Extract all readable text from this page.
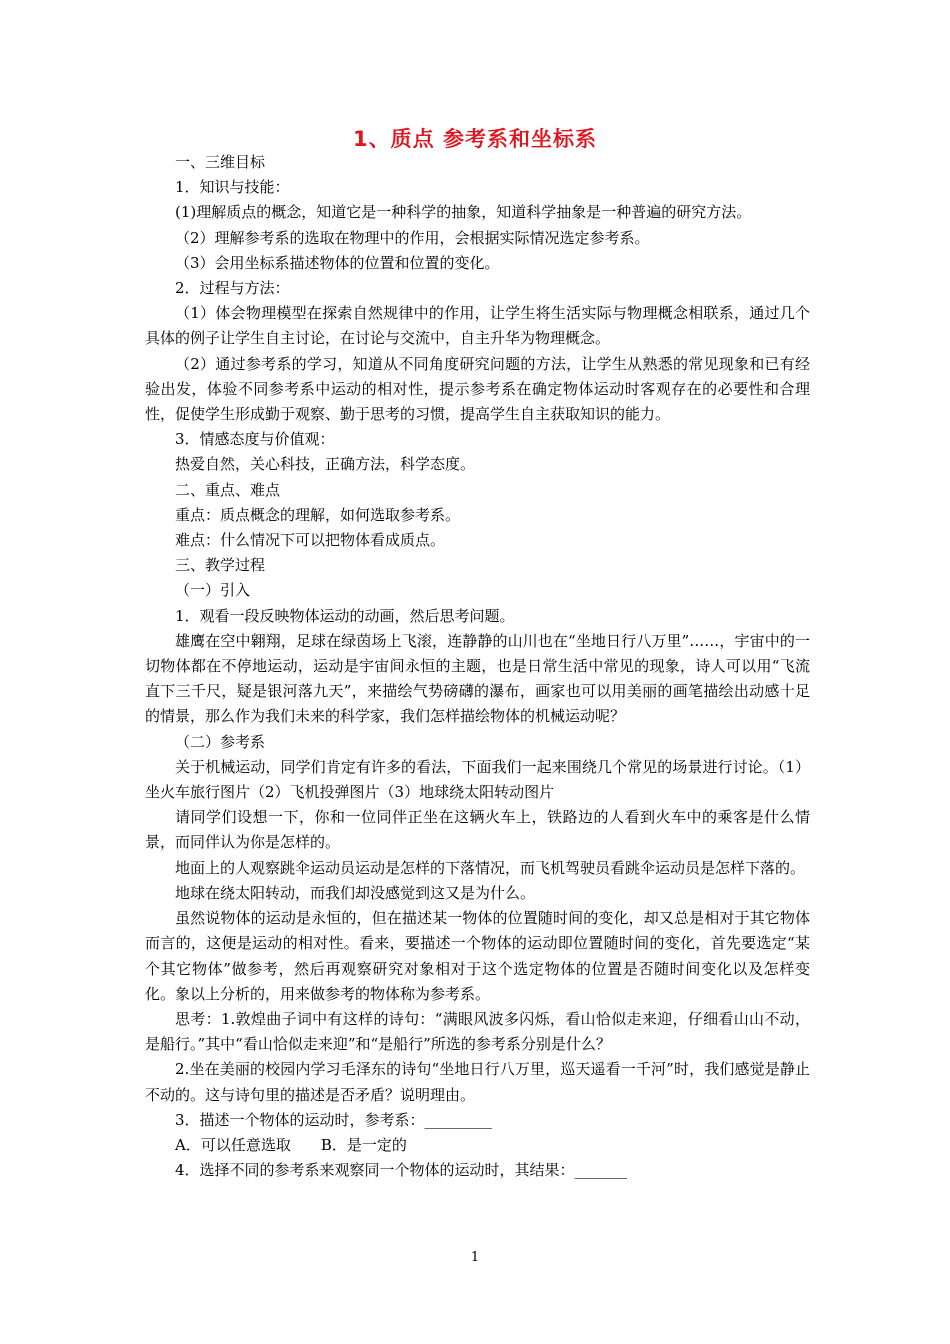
1、质点 参考系和坐标系

一、三维目标

1．知识与技能：

(1)理解质点的概念，知道它是一种科学的抽象，知道科学抽象是一种普遍的研究方法。

（2）理解参考系的选取在物理中的作用，会根据实际情况选定参考系。

（3）会用坐标系描述物体的位置和位置的变化。

2．过程与方法：

（1）体会物理模型在探索自然规律中的作用，让学生将生活实际与物理概念相联系，通过几个具体的例子让学生自主讨论，在讨论与交流中，自主升华为物理概念。

（2）通过参考系的学习，知道从不同角度研究问题的方法，让学生从熟悉的常见现象和已有经验出发，体验不同参考系中运动的相对性，提示参考系在确定物体运动时客观存在的必要性和合理性，促使学生形成勤于观察、勤于思考的习惯，提高学生自主获取知识的能力。

3．情感态度与价值观：

热爱自然，关心科技，正确方法，科学态度。

二、重点、难点

重点：质点概念的理解，如何选取参考系。

难点：什么情况下可以把物体看成质点。

三、教学过程

（一）引入

1．观看一段反映物体运动的动画，然后思考问题。

雄鹰在空中翱翔，足球在绿茵场上飞滚，连静静的山川也在“坐地日行八万里”……，宇宙中的一切物体都在不停地运动，运动是宇宙间永恒的主题，也是日常生活中常见的现象，诗人可以用“飞流直下三千尺，疑是银河落九天”，来描绘气势磅礴的瀑布，画家也可以用美丽的画笔描绘出动感十足的情景，那么作为我们未来的科学家，我们怎样描绘物体的机械运动呢？

（二）参考系

关于机械运动，同学们肯定有许多的看法，下面我们一起来围绕几个常见的场景进行讨论。（1）坐火车旅行图片（2）飞机投弹图片（3）地球绕太阳转动图片

请同学们设想一下，你和一位同伴正坐在这辆火车上，铁路边的人看到火车中的乘客是什么情景，而同伴认为你是怎样的。

地面上的人观察跳伞运动员运动是怎样的下落情况，而飞机驾驶员看跳伞运动员是怎样下落的。

地球在绕太阳转动，而我们却没感觉到这又是为什么。

虽然说物体的运动是永恒的，但在描述某一物体的位置随时间的变化，却又总是相对于其它物体而言的，这便是运动的相对性。看来，要描述一个物体的运动即位置随时间的变化，首先要选定“某个其它物体”做参考，然后再观察研究对象相对于这个选定物体的位置是否随时间变化以及怎样变化。象以上分析的，用来做参考的物体称为参考系。

思考：1.敦煌曲子词中有这样的诗句：“满眼风波多闪烁，看山恰似走来迎，仔细看山山不动，是船行。”其中“看山恰似走来迎”和“是船行”所选的参考系分别是什么？

2.坐在美丽的校园内学习毛泽东的诗句“坐地日行八万里，巡天遥看一千河”时，我们感觉是静止不动的。这与诗句里的描述是否矛盾？说明理由。

3．描述一个物体的运动时，参考系：_________

A．可以任意选取　　B．是一定的

4．选择不同的参考系来观察同一个物体的运动时，其结果：_______

1
